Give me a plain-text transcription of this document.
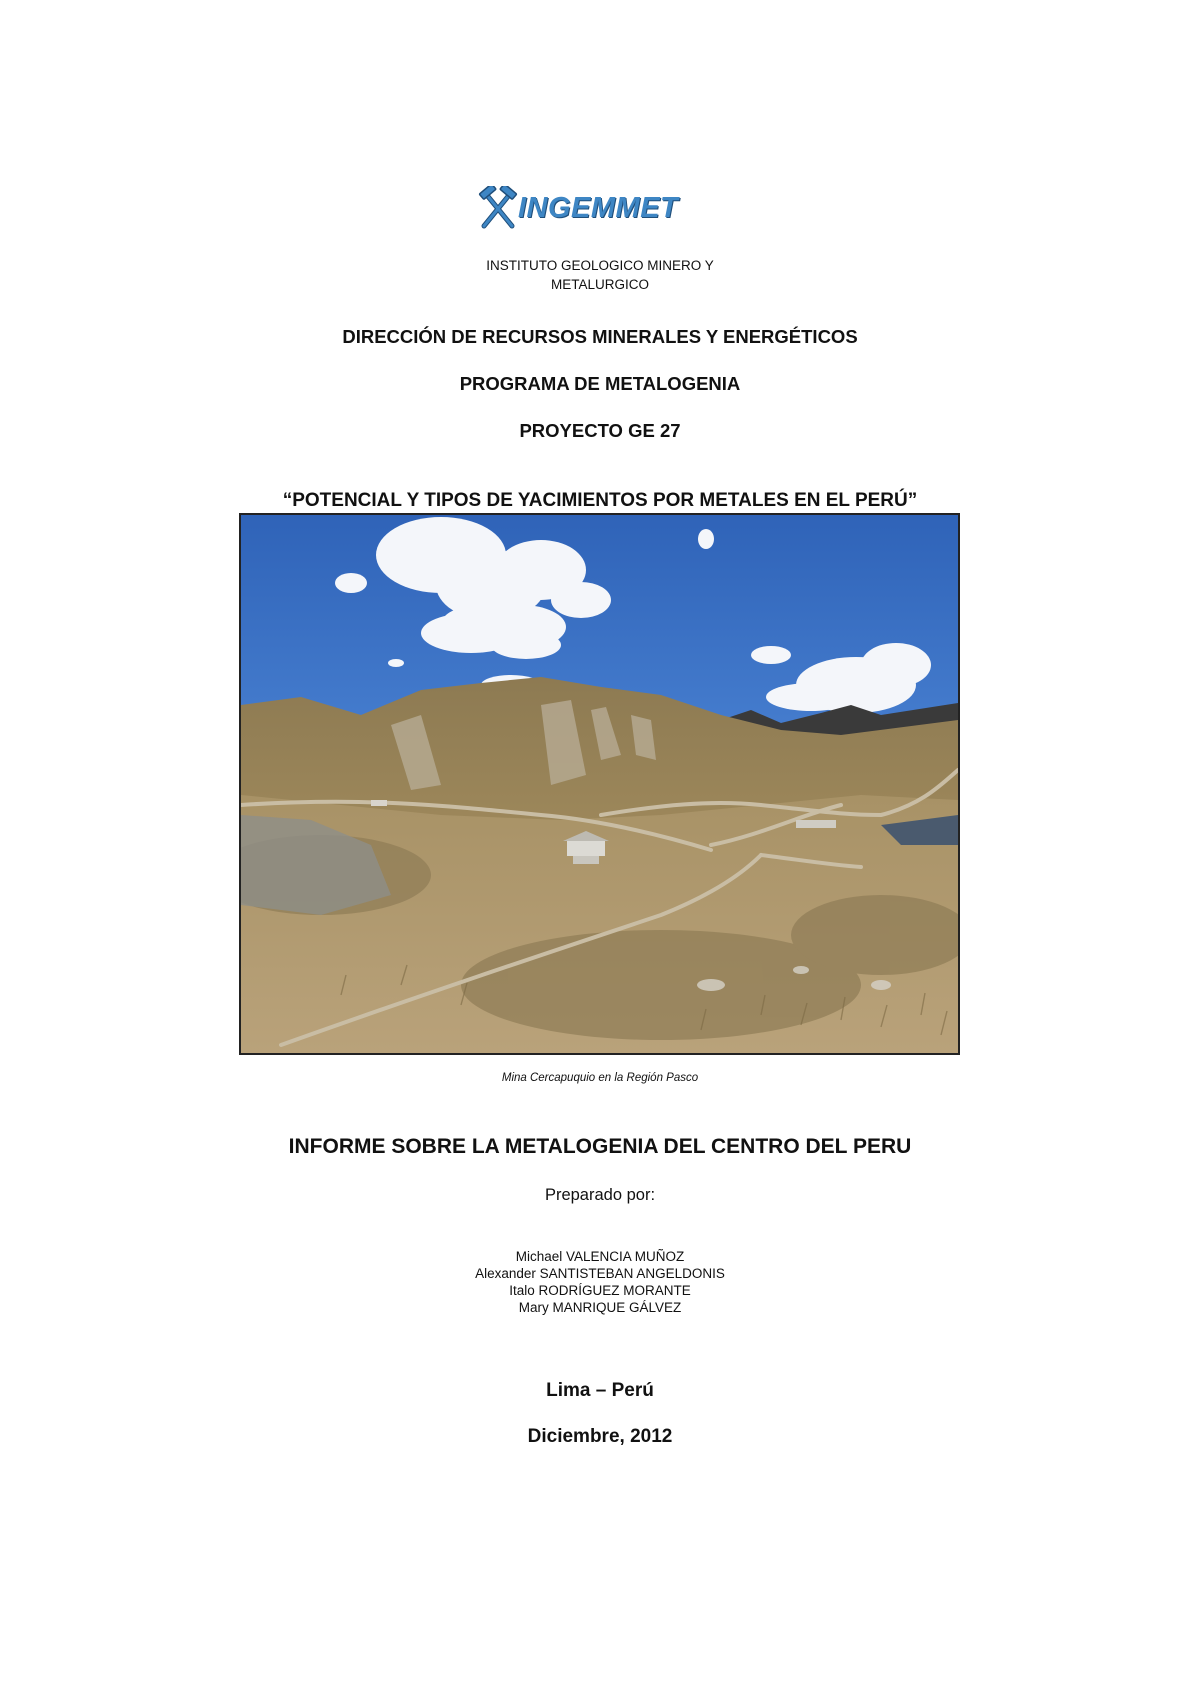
INGEMMET
INSTITUTO GEOLOGICO MINERO Y
METALURGICO
DIRECCIÓN DE RECURSOS MINERALES Y ENERGÉTICOS
PROGRAMA DE METALOGENIA
PROYECTO GE 27
“POTENCIAL Y TIPOS DE YACIMIENTOS POR METALES EN EL PERÚ”
Mina Cercapuquio en la Región Pasco
INFORME SOBRE LA METALOGENIA DEL CENTRO DEL PERU
Preparado por:
Michael VALENCIA MUÑOZ
Alexander SANTISTEBAN ANGELDONIS
Italo RODRÍGUEZ MORANTE
Mary MANRIQUE GÁLVEZ
Lima – Perú
Diciembre, 2012
